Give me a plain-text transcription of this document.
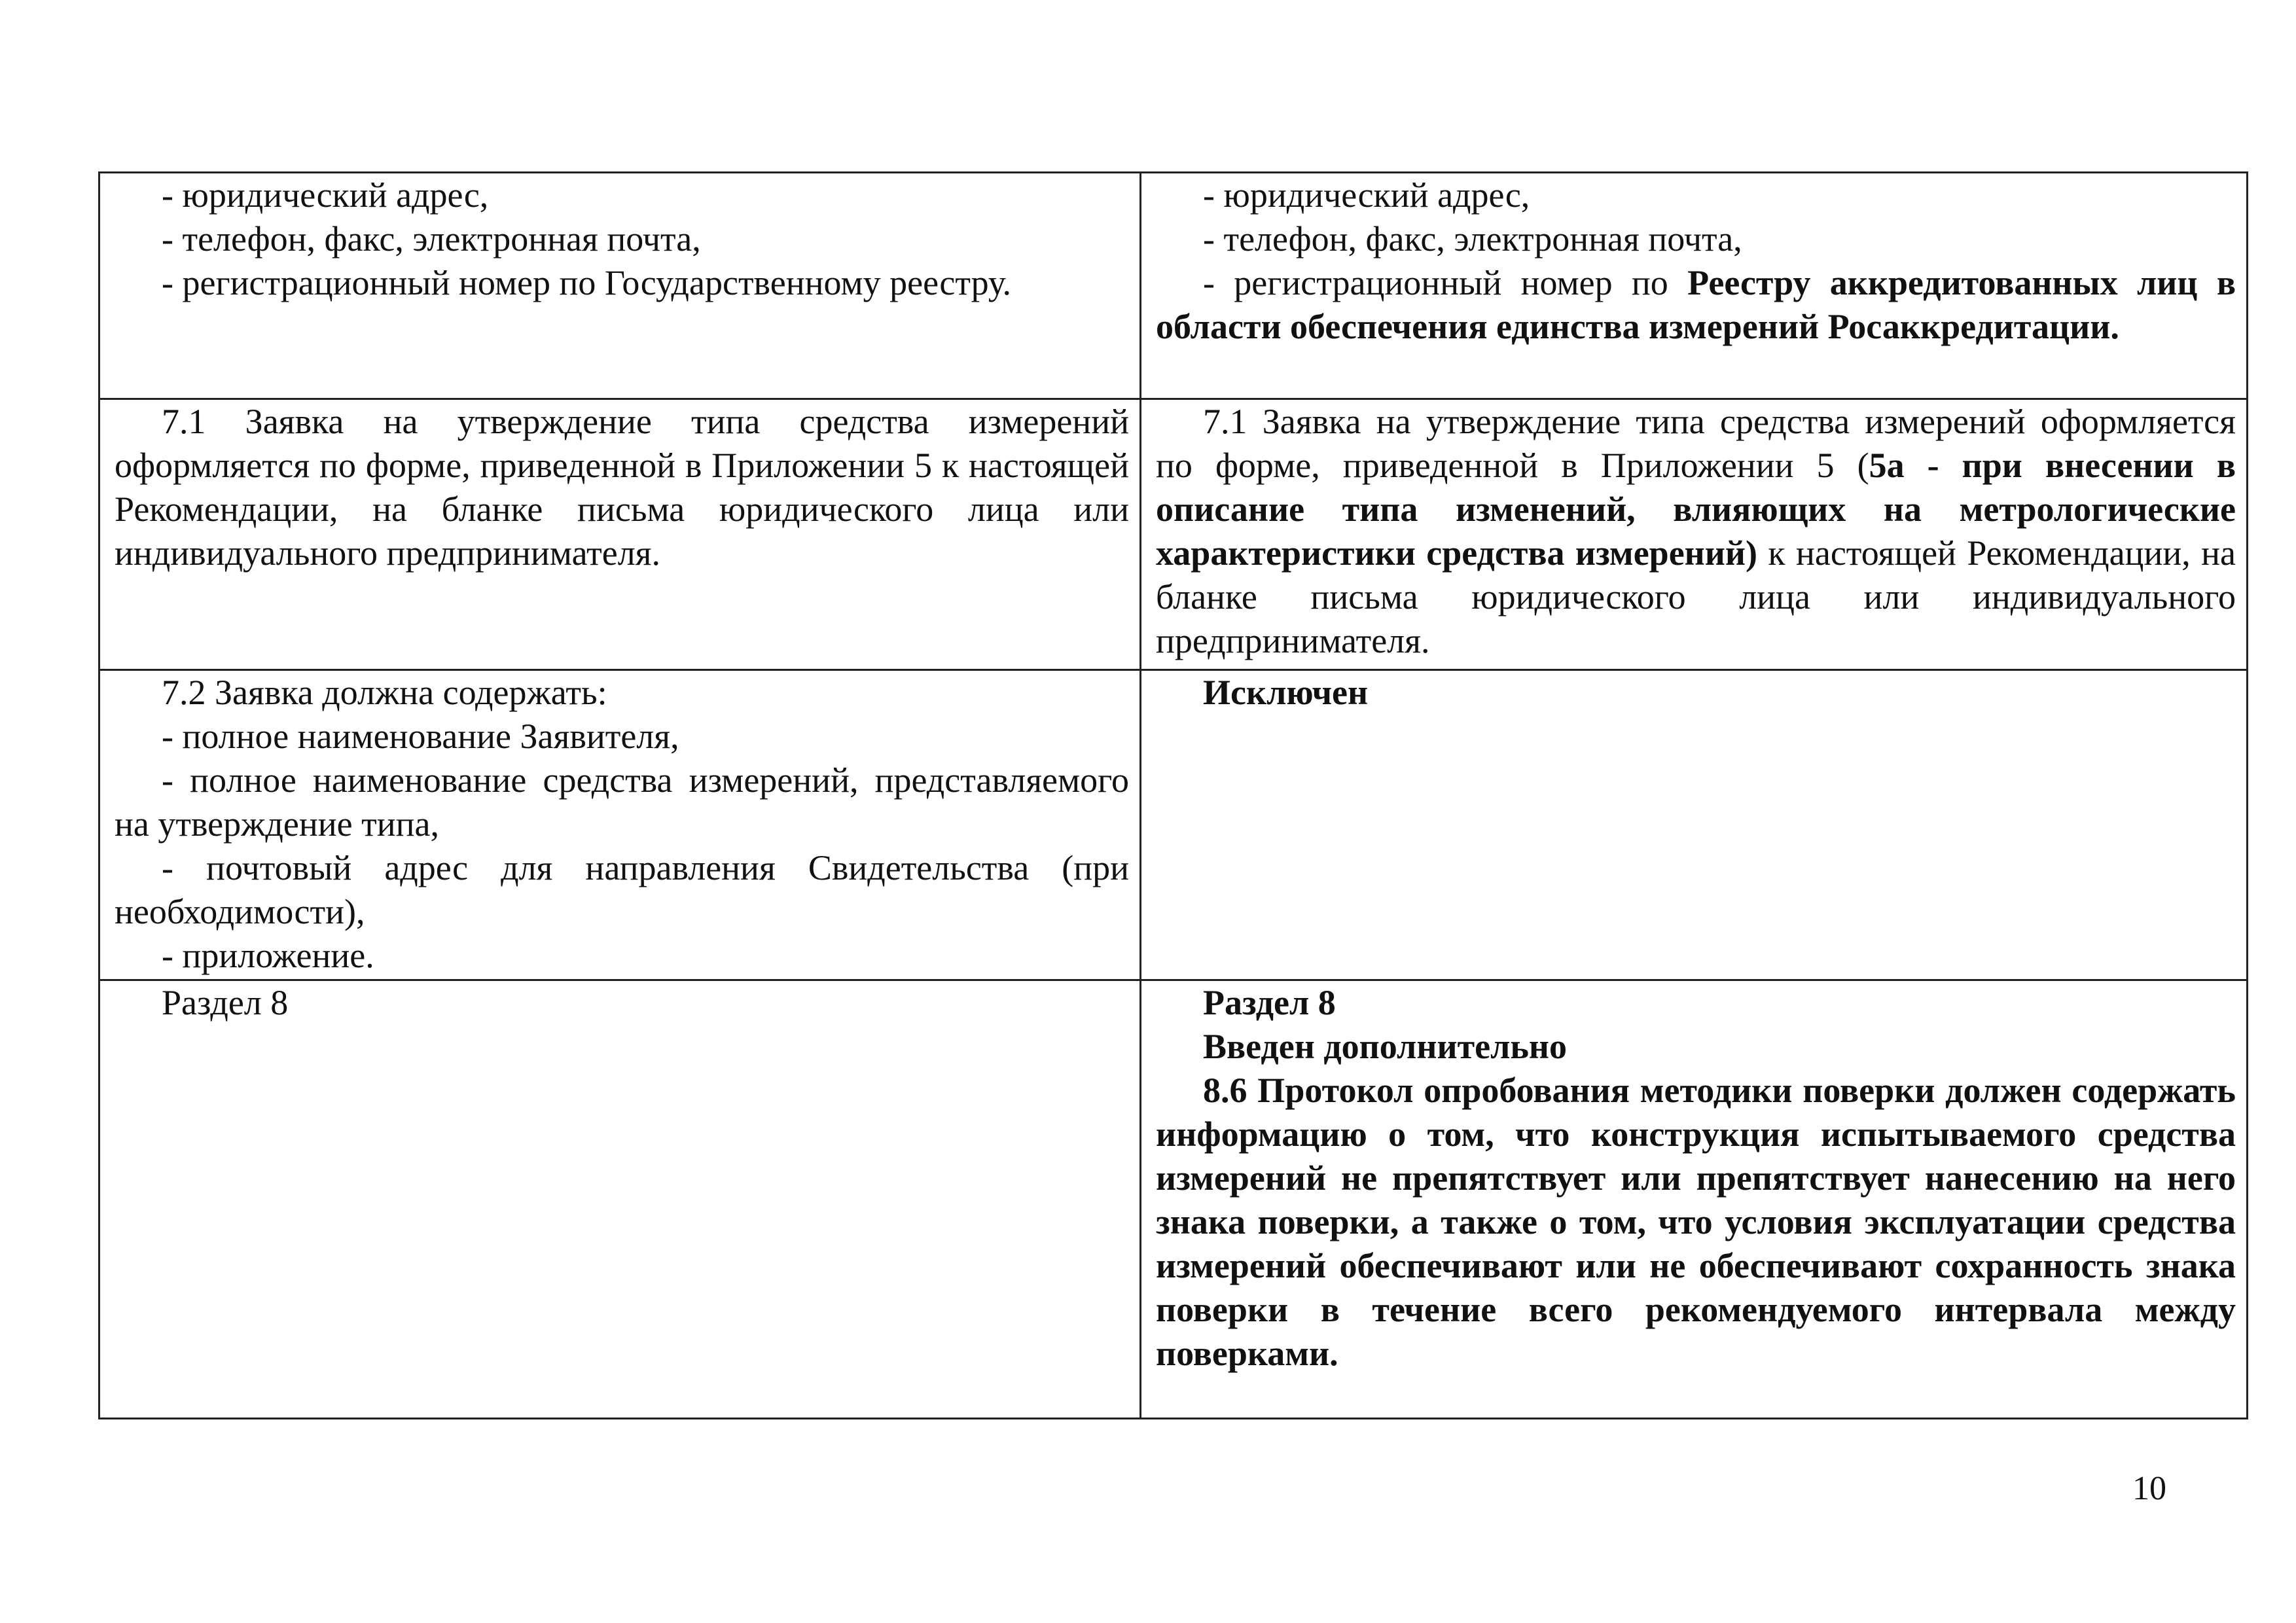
- юридический адрес,
- телефон, факс, электронная почта,
- регистрационный номер по Государственному реестру.	- юридический адрес,
- телефон, факс, электронная почта,
- регистрационный номер по Реестру аккредитованных лиц в области обеспечения единства измерений Росаккредитации.

7.1 Заявка на утверждение типа средства измерений оформляется по форме, приведенной в Приложении 5 к настоящей Рекомендации, на бланке письма юридического лица или индивидуального предпринимателя.	7.1 Заявка на утверждение типа средства измерений оформляется по форме, приведенной в Приложении 5 (5а - при внесении в описание типа изменений, влияющих на метрологические характеристики средства измерений) к настоящей Рекомендации, на бланке письма юридического лица или индивидуального предпринимателя.

7.2 Заявка должна содержать:
- полное наименование Заявителя,
- полное наименование средства измерений, представляемого на утверждение типа,
- почтовый адрес для направления Свидетельства (при необходимости),
- приложение.	Исключен

Раздел 8	Раздел 8
Введен дополнительно
8.6 Протокол опробования методики поверки должен содержать информацию о том, что конструкция испытываемого средства измерений не препятствует или препятствует нанесению на него знака поверки, а также о том, что условия эксплуатации средства измерений обеспечивают или не обеспечивают сохранность знака поверки в течение всего рекомендуемого интервала между поверками.
10
